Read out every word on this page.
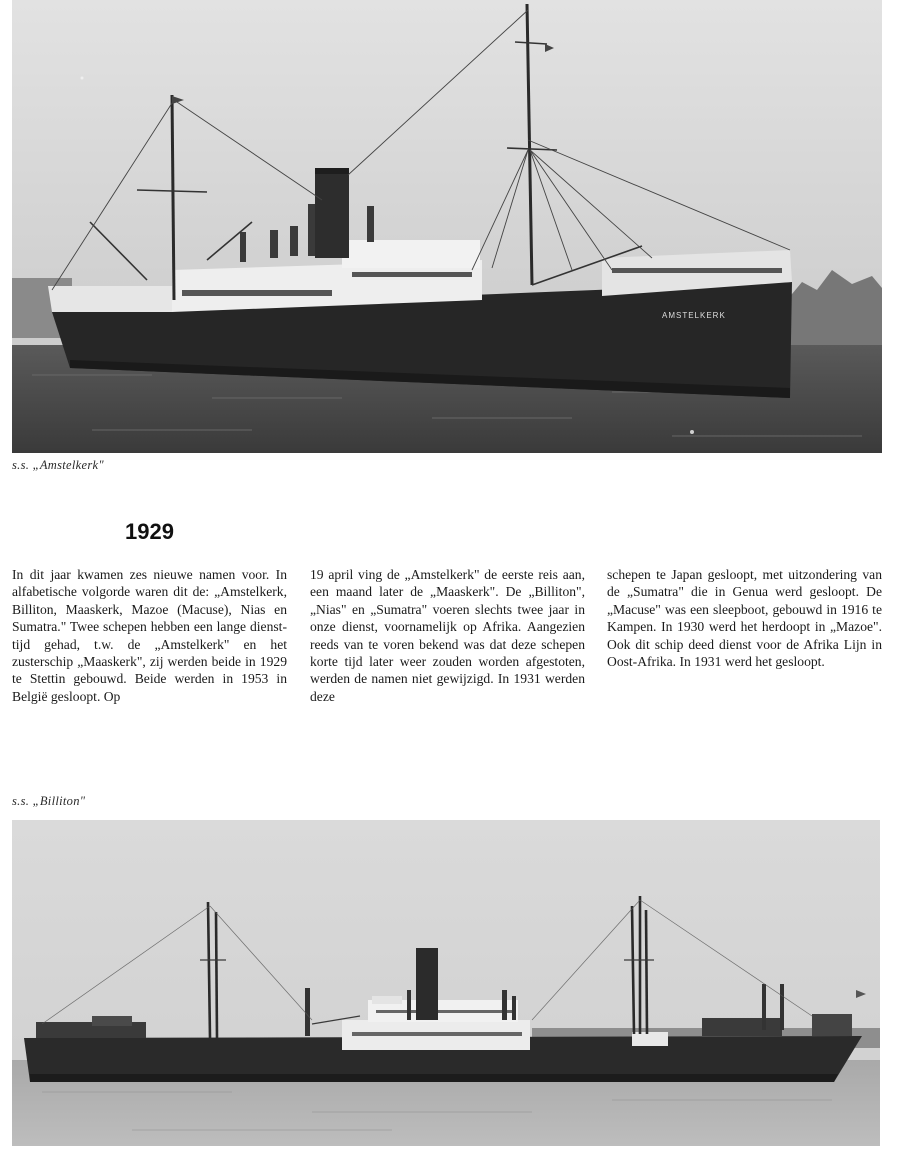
AMSTELKERK
s.s. „Amstelkerk"
1929
In dit jaar kwamen zes nieuwe namen voor. In alfabetische volgorde waren dit de: „Amstelkerk, Billiton, Maaskerk, Mazoe (Macuse), Nias en Sumatra." Twee schepen hebben een lange diensttijd gehad, t.w. de „Amstelkerk" en het zusterschip „Maaskerk", zij werden beide in 1929 te Stettin gebouwd. Beide werden in 1953 in België gesloopt. Op
19 april ving de „Amstelkerk" de eerste reis aan, een maand later de „Maaskerk". De „Billiton", „Nias" en „Sumatra" voeren slechts twee jaar in onze dienst, voornamelijk op Afrika. Aangezien reeds van te voren bekend was dat deze schepen korte tijd later weer zouden worden afgestoten, werden de namen niet gewijzigd. In 1931 werden deze
schepen te Japan gesloopt, met uitzondering van de „Sumatra" die in Genua werd gesloopt. De „Macuse" was een sleepboot, gebouwd in 1916 te Kampen. In 1930 werd het herdoopt in „Mazoe". Ook dit schip deed dienst voor de Afrika Lijn in Oost-Afrika. In 1931 werd het gesloopt.
s.s. „Billiton"
